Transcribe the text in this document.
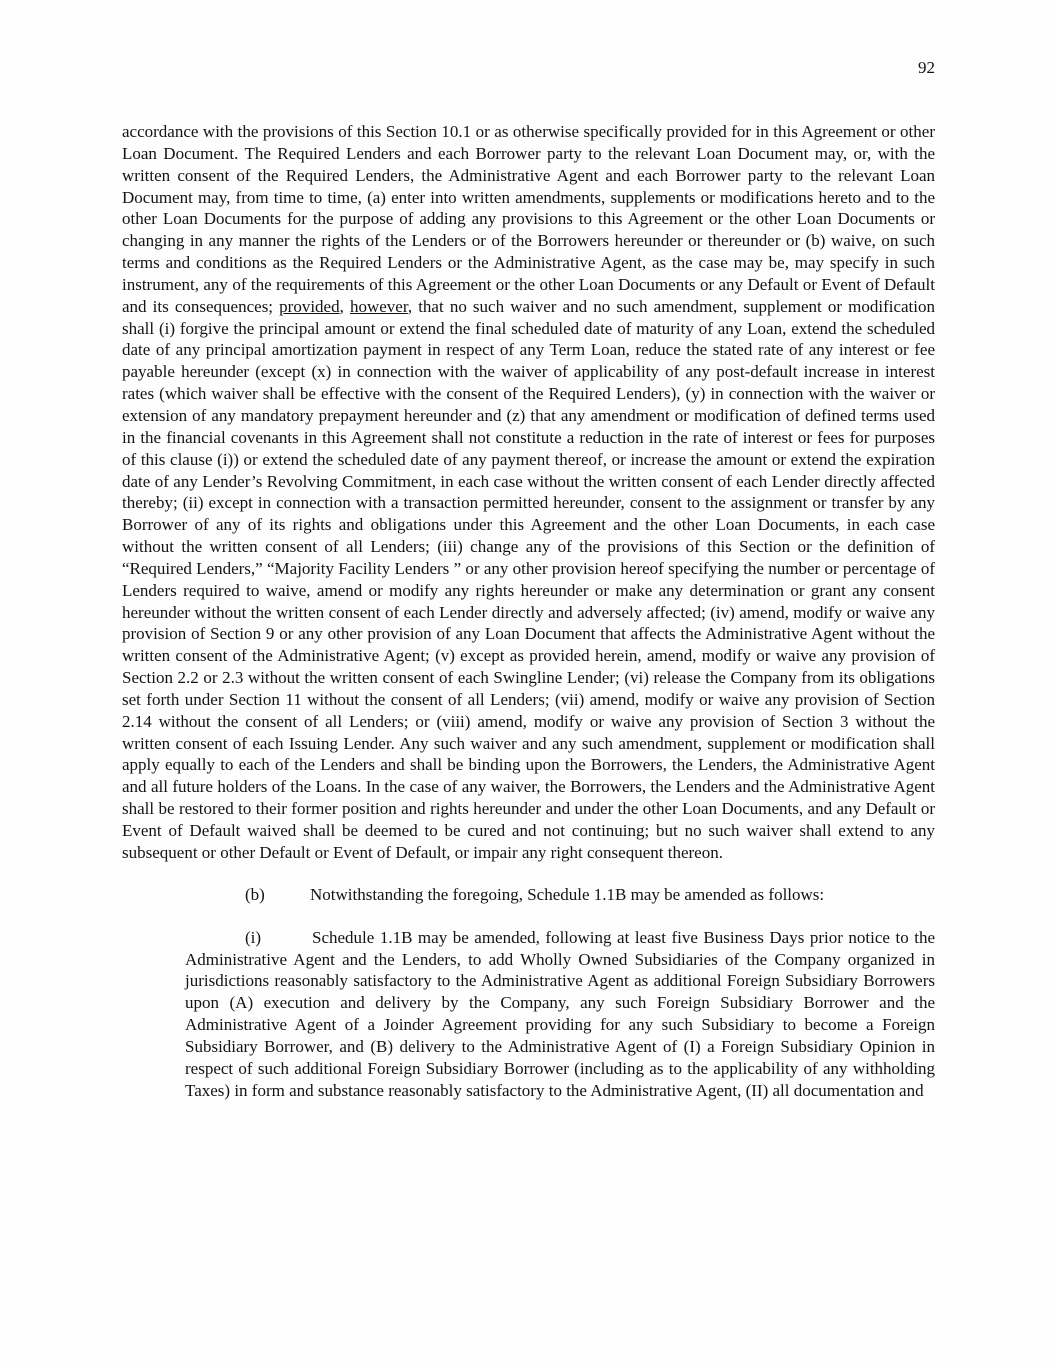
92

accordance with the provisions of this Section 10.1 or as otherwise specifically provided for in this Agreement or other Loan Document. The Required Lenders and each Borrower party to the relevant Loan Document may, or, with the written consent of the Required Lenders, the Administrative Agent and each Borrower party to the relevant Loan Document may, from time to time, (a) enter into written amendments, supplements or modifications hereto and to the other Loan Documents for the purpose of adding any provisions to this Agreement or the other Loan Documents or changing in any manner the rights of the Lenders or of the Borrowers hereunder or thereunder or (b) waive, on such terms and conditions as the Required Lenders or the Administrative Agent, as the case may be, may specify in such instrument, any of the requirements of this Agreement or the other Loan Documents or any Default or Event of Default and its consequences; provided, however, that no such waiver and no such amendment, supplement or modification shall (i) forgive the principal amount or extend the final scheduled date of maturity of any Loan, extend the scheduled date of any principal amortization payment in respect of any Term Loan, reduce the stated rate of any interest or fee payable hereunder (except (x) in connection with the waiver of applicability of any post-default increase in interest rates (which waiver shall be effective with the consent of the Required Lenders), (y) in connection with the waiver or extension of any mandatory prepayment hereunder and (z) that any amendment or modification of defined terms used in the financial covenants in this Agreement shall not constitute a reduction in the rate of interest or fees for purposes of this clause (i)) or extend the scheduled date of any payment thereof, or increase the amount or extend the expiration date of any Lender’s Revolving Commitment, in each case without the written consent of each Lender directly affected thereby; (ii) except in connection with a transaction permitted hereunder, consent to the assignment or transfer by any Borrower of any of its rights and obligations under this Agreement and the other Loan Documents, in each case without the written consent of all Lenders; (iii) change any of the provisions of this Section or the definition of “Required Lenders,” “Majority Facility Lenders ” or any other provision hereof specifying the number or percentage of Lenders required to waive, amend or modify any rights hereunder or make any determination or grant any consent hereunder without the written consent of each Lender directly and adversely affected; (iv) amend, modify or waive any provision of Section 9 or any other provision of any Loan Document that affects the Administrative Agent without the written consent of the Administrative Agent; (v) except as provided herein, amend, modify or waive any provision of Section 2.2 or 2.3 without the written consent of each Swingline Lender; (vi) release the Company from its obligations set forth under Section 11 without the consent of all Lenders; (vii) amend, modify or waive any provision of Section 2.14 without the consent of all Lenders; or (viii) amend, modify or waive any provision of Section 3 without the written consent of each Issuing Lender. Any such waiver and any such amendment, supplement or modification shall apply equally to each of the Lenders and shall be binding upon the Borrowers, the Lenders, the Administrative Agent and all future holders of the Loans. In the case of any waiver, the Borrowers, the Lenders and the Administrative Agent shall be restored to their former position and rights hereunder and under the other Loan Documents, and any Default or Event of Default waived shall be deemed to be cured and not continuing; but no such waiver shall extend to any subsequent or other Default or Event of Default, or impair any right consequent thereon.

(b)	Notwithstanding the foregoing, Schedule 1.1B may be amended as follows:

(i)	Schedule 1.1B may be amended, following at least five Business Days prior notice to the Administrative Agent and the Lenders, to add Wholly Owned Subsidiaries of the Company organized in jurisdictions reasonably satisfactory to the Administrative Agent as additional Foreign Subsidiary Borrowers upon (A) execution and delivery by the Company, any such Foreign Subsidiary Borrower and the Administrative Agent of a Joinder Agreement providing for any such Subsidiary to become a Foreign Subsidiary Borrower, and (B) delivery to the Administrative Agent of (I) a Foreign Subsidiary Opinion in respect of such additional Foreign Subsidiary Borrower (including as to the applicability of any withholding Taxes) in form and substance reasonably satisfactory to the Administrative Agent, (II) all documentation and
